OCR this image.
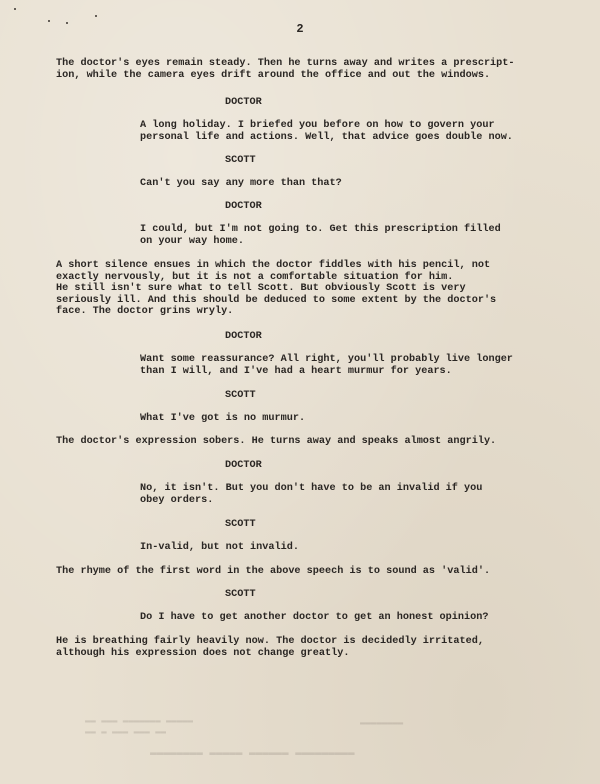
2
The doctor's eyes remain steady. Then he turns away and writes a prescript-
ion, while the camera eyes drift around the office and out the windows.
DOCTOR
A long holiday. I briefed you before on how to govern your
personal life and actions. Well, that advice goes double now.
SCOTT
Can't you say any more than that?
DOCTOR
I could, but I'm not going to. Get this prescription filled
on your way home.
A short silence ensues in which the doctor fiddles with his pencil, not
exactly nervously, but it is not a comfortable situation for him.
He still isn't sure what to tell Scott. But obviously Scott is very
seriously ill. And this should be deduced to some extent by the doctor's
face. The doctor grins wryly.
DOCTOR
Want some reassurance? All right, you'll probably live longer
than I will, and I've had a heart murmur for years.
SCOTT
What I've got is no murmur.
The doctor's expression sobers. He turns away and speaks almost angrily.
DOCTOR
No, it isn't. But you don't have to be an invalid if you
obey orders.
SCOTT
In-valid, but not invalid.
The rhyme of the first word in the above speech is to sound as 'valid'.
SCOTT
Do I have to get another doctor to get an honest opinion?
He is breathing fairly heavily now. The doctor is decidedly irritated,
although his expression does not change greatly.
▬▬ ▬ ▬▬▬ ▬▬▬ ▬▬
▬▬ ▬▬▬ ▬▬▬▬▬▬▬ ▬▬▬▬▬	▬▬▬▬▬▬▬▬
▬▬▬▬▬▬▬▬ ▬▬▬▬▬ ▬▬▬▬▬▬ ▬▬▬▬▬▬▬▬▬
